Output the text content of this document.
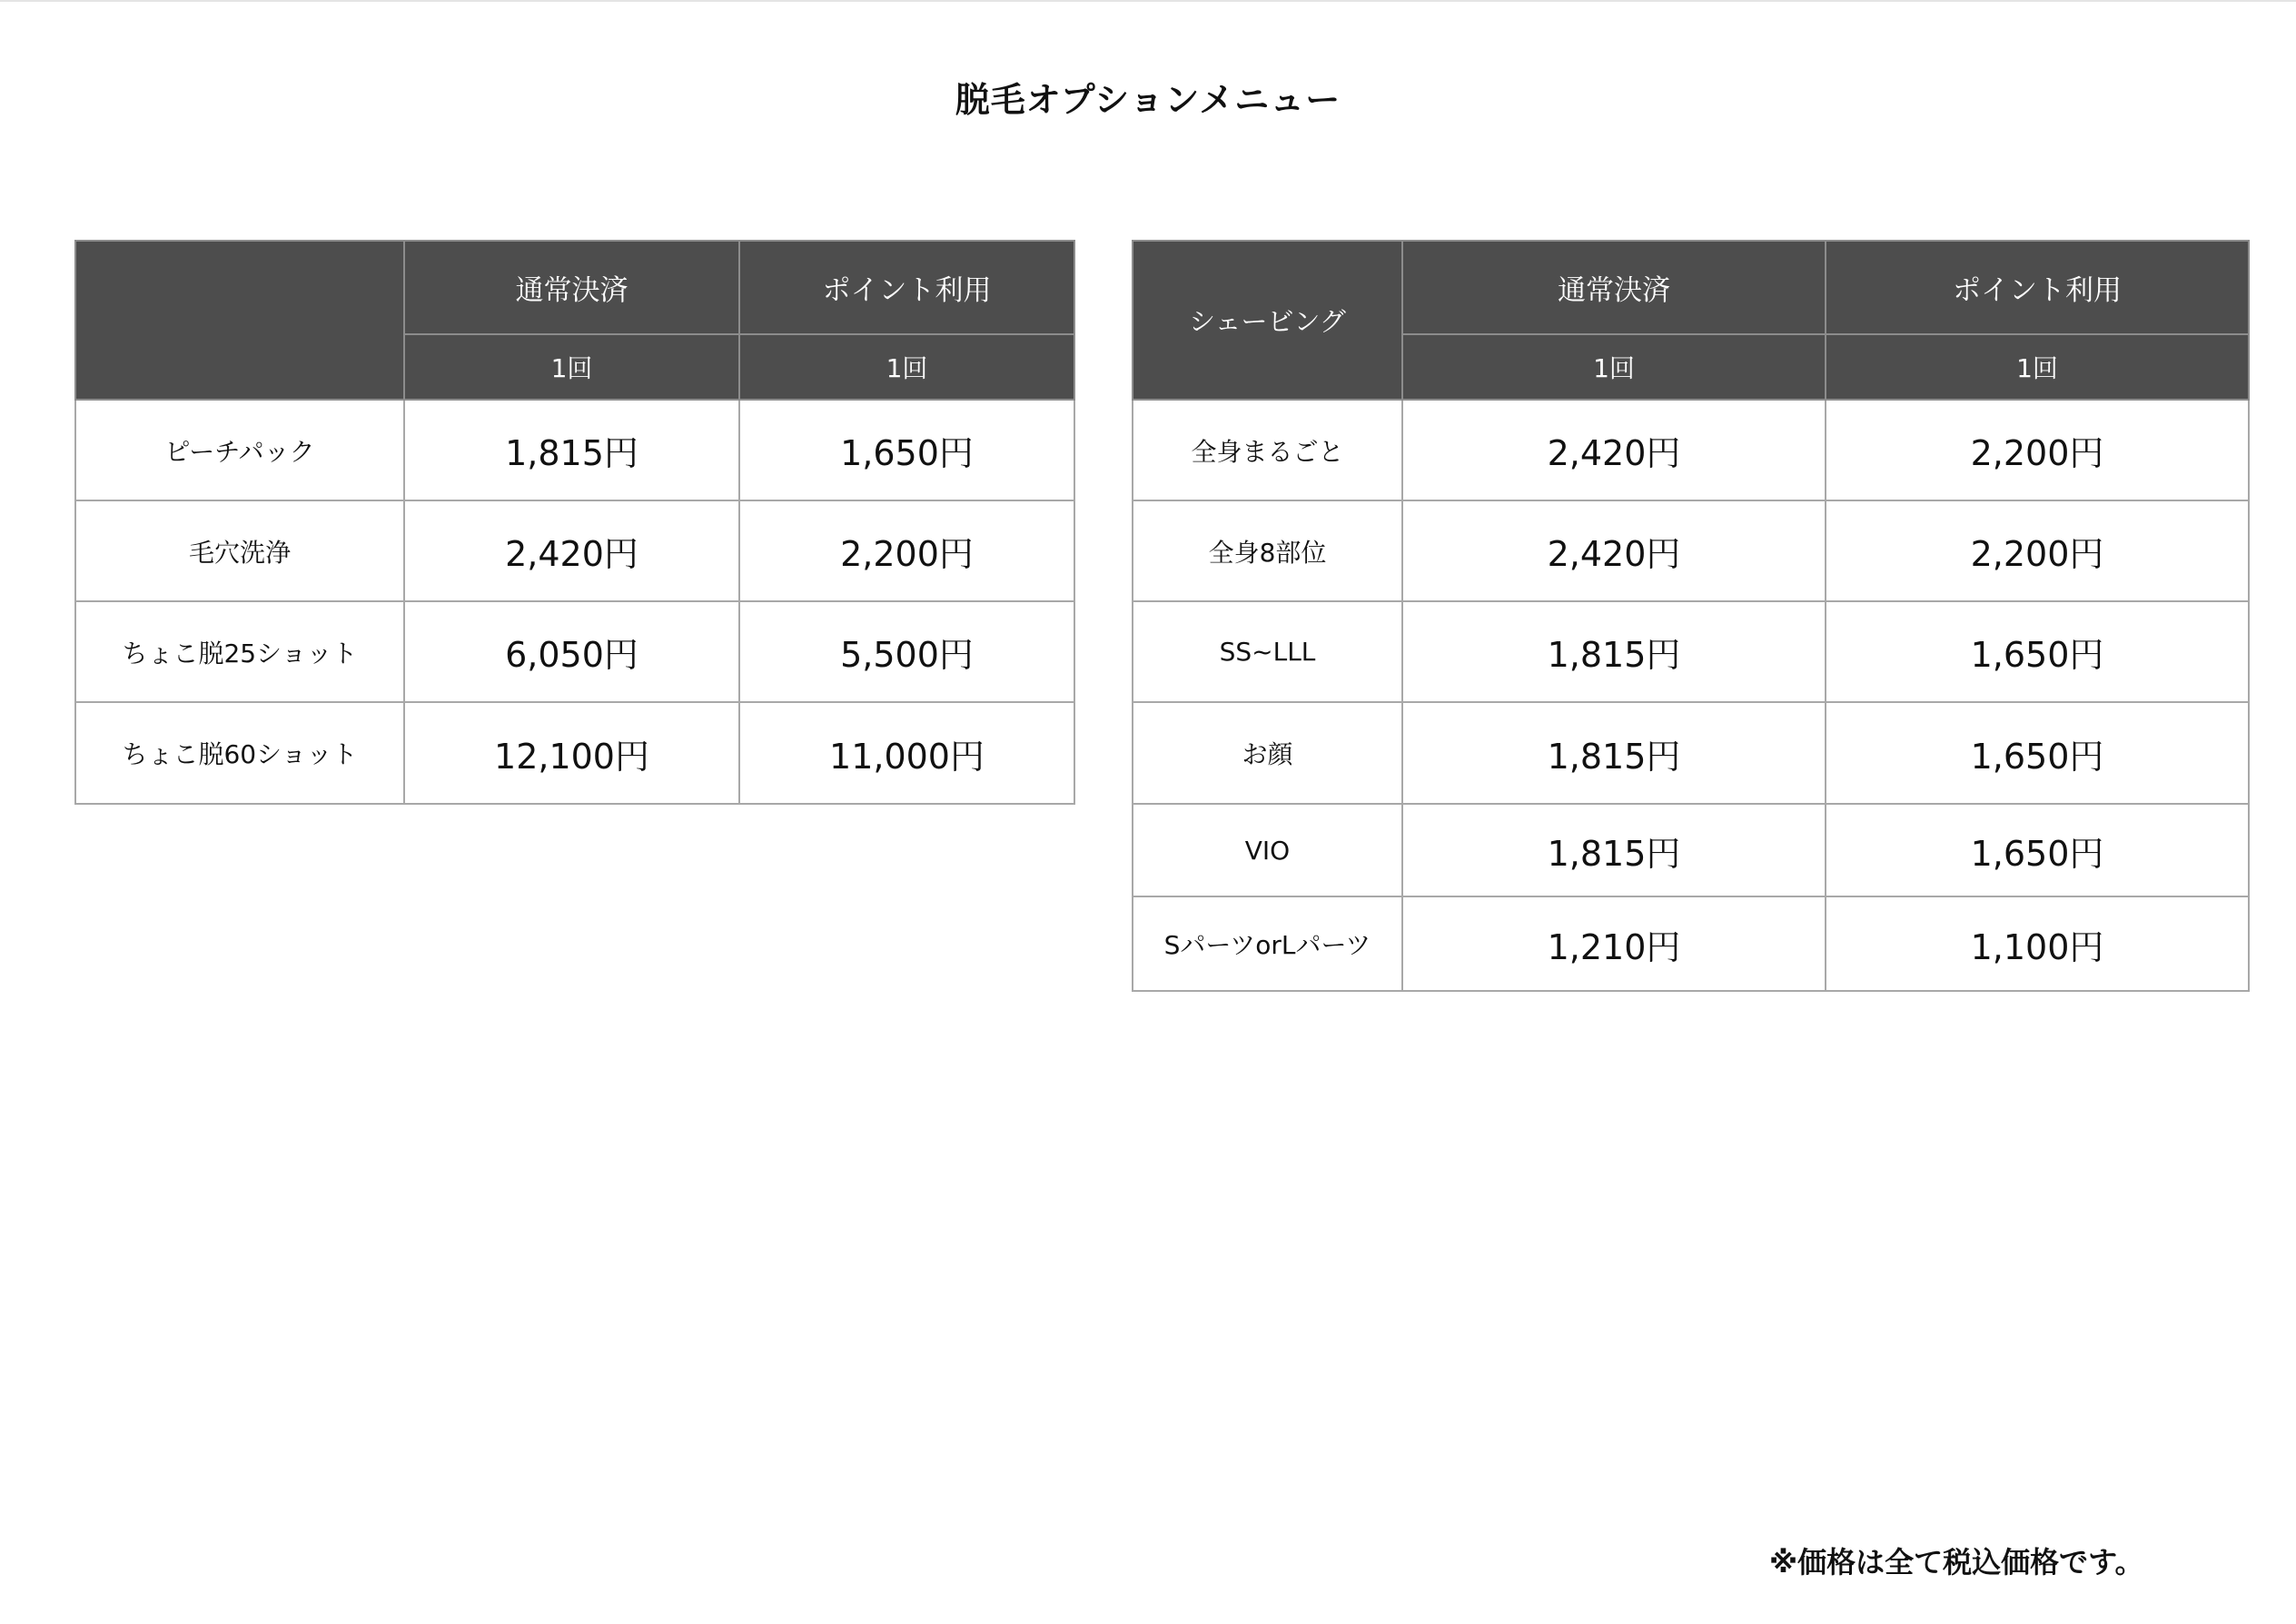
脱毛オプションメニュー
	通常決済	ポイント利用
	1回	1回
ピーチパック	1,815円	1,650円
毛穴洗浄	2,420円	2,200円
ちょこ脱25ショット	6,050円	5,500円
ちょこ脱60ショット	12,100円	11,000円
シェービング	通常決済	ポイント利用
	1回	1回
全身まるごと	2,420円	2,200円
全身8部位	2,420円	2,200円
SS~LLL	1,815円	1,650円
お顔	1,815円	1,650円
VIO	1,815円	1,650円
SパーツorLパーツ	1,210円	1,100円
※価格は全て税込価格です。
